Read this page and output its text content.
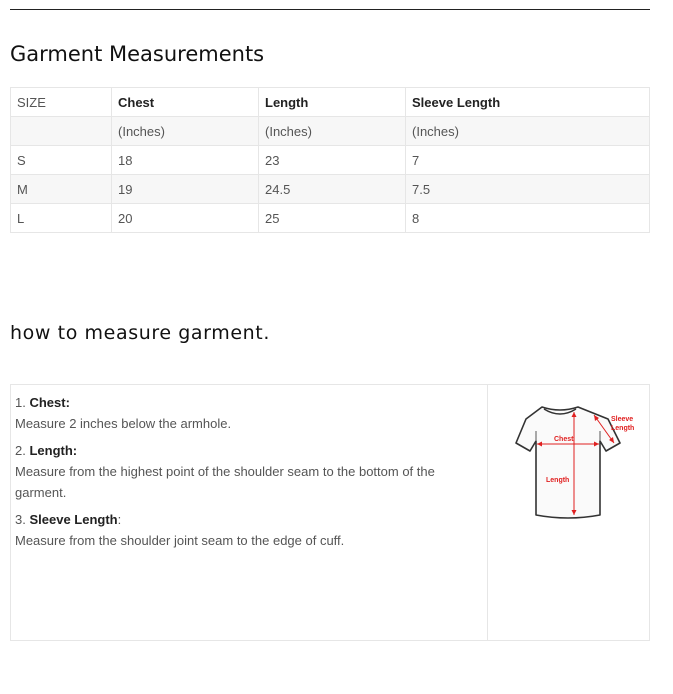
Garment Measurements
SIZE	Chest	Length	Sleeve Length
	(Inches)	(Inches)	(Inches)
S	18	23	7
M	19	24.5	7.5
L	20	25	8
how to measure garment.

1. Chest:
Measure 2 inches below the armhole.

2. Length:
Measure from the highest point of the shoulder seam to the bottom of the garment.

3. Sleeve Length:
Measure from the shoulder joint seam to the edge of cuff.

Chest
Length
Sleeve
Length
